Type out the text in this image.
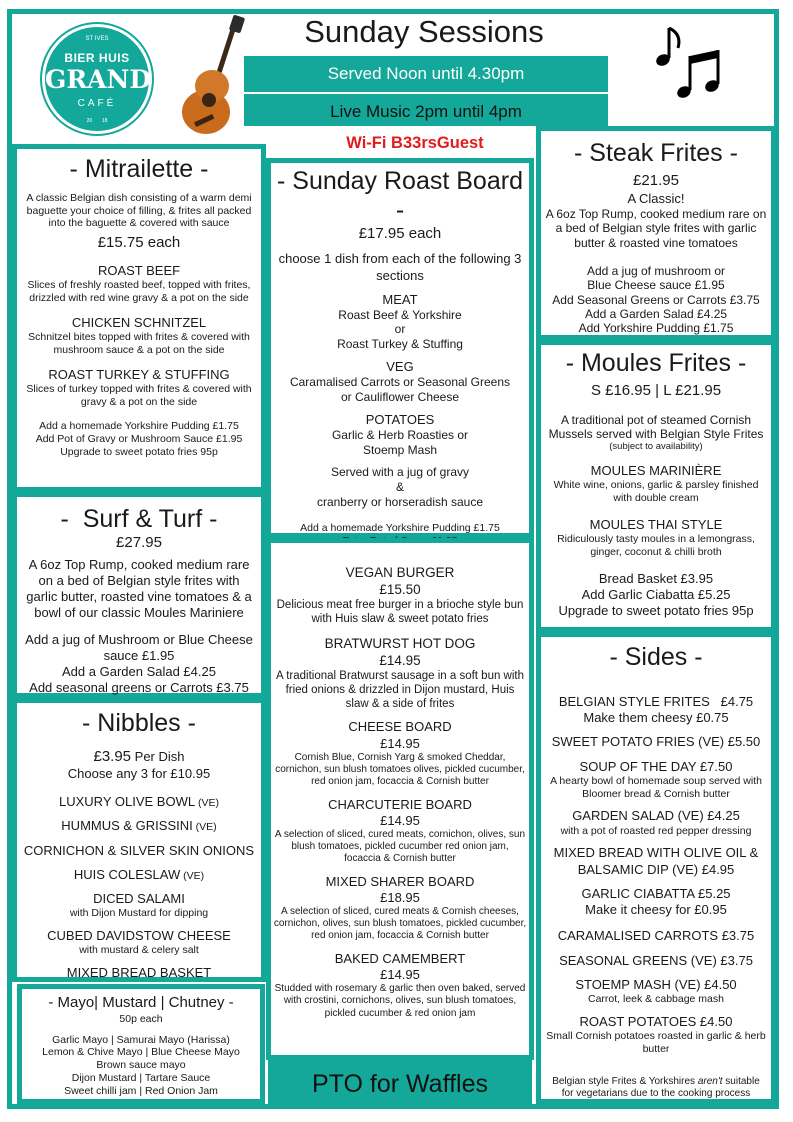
ST IVES
BIER HUIS
GRAND
CAFÉ
20 18
Sunday Sessions
Served Noon until 4.30pm
Live Music 2pm until 4pm
Wi-Fi B33rsGuest
- Mitrailette -
A classic Belgian dish consisting of a warm demi baguette your choice of filling, & frites all packed into the baguette & covered with sauce
£15.75 each
ROAST BEEF
Slices of freshly roasted beef, topped with frites, drizzled with red wine gravy & a pot on the side
CHICKEN SCHNITZEL
Schnitzel bites topped with frites & covered with mushroom sauce & a pot on the side
ROAST TURKEY & STUFFING
Slices of turkey topped with frites & covered with gravy & a pot on the side
Add a homemade Yorkshire Pudding £1.75
Add Pot of Gravy or Mushroom Sauce £1.95
Upgrade to sweet potato fries 95p
-  Surf & Turf -
£27.95
A 6oz Top Rump, cooked medium rare on a bed of Belgian style frites with garlic butter, roasted vine tomatoes & a bowl of our classic Moules Mariniere
Add a jug of Mushroom or Blue Cheese sauce £1.95
Add a Garden Salad £4.25
Add seasonal greens or Carrots £3.75
- Nibbles -
£3.95 Per Dish
Choose any 3 for £10.95
LUXURY OLIVE BOWL (VE)
HUMMUS & GRISSINI (VE)
CORNICHON & SILVER SKIN ONIONS
HUIS COLESLAW (VE)
DICED SALAMI
with Dijon Mustard for dipping
CUBED DAVIDSTOW CHEESE
with mustard & celery salt
MIXED BREAD BASKET
- Mayo| Mustard | Chutney -
50p each
Garlic Mayo | Samurai Mayo (Harissa)
Lemon & Chive Mayo | Blue Cheese Mayo
Brown sauce mayo
Dijon Mustard | Tartare Sauce
Sweet chilli jam | Red Onion Jam
- Sunday Roast Board -
£17.95 each
choose 1 dish from each of the following 3 sections
MEAT
Roast Beef & Yorkshire
or
Roast Turkey & Stuffing
VEG
Caramalised Carrots or Seasonal Greens
or Cauliflower Cheese
POTATOES
Garlic & Herb Roasties or
Stoemp Mash
Served with a jug of gravy
&
cranberry or horseradish sauce
Add a homemade Yorkshire Pudding £1.75
VEGAN BURGER
£15.50
Delicious meat free burger in a brioche style bun with Huis slaw & sweet potato fries
BRATWURST HOT DOG
£14.95
A traditional Bratwurst sausage in a soft bun with fried onions & drizzled in Dijon mustard, Huis slaw & a side of frites
CHEESE BOARD
£14.95
Cornish Blue, Cornish Yarg & smoked Cheddar, cornichon, sun blush tomatoes olives, pickled cucumber, red onion jam, focaccia & Cornish butter
CHARCUTERIE BOARD
£14.95
A selection of sliced, cured meats, cornichon, olives, sun blush tomatoes, pickled cucumber red onion jam, focaccia & Cornish butter
MIXED SHARER BOARD
£18.95
A selection of sliced, cured meats & Cornish cheeses, cornichon, olives, sun blush tomatoes, pickled cucumber, red onion jam, focaccia & Cornish butter
BAKED CAMEMBERT
£14.95
Studded with rosemary & garlic then oven baked, served with crostini, cornichons, olives, sun blush tomatoes, pickled cucumber & red onion jam
PTO for Waffles
- Steak Frites -
£21.95
A Classic!
A 6oz Top Rump, cooked medium rare on a bed of Belgian style frites with garlic butter & roasted vine tomatoes
Add a jug of mushroom or
Blue Cheese sauce £1.95
Add Seasonal Greens or Carrots £3.75
Add a Garden Salad £4.25
Add Yorkshire Pudding £1.75
- Moules Frites -
S £16.95 | L £21.95
A traditional pot of steamed Cornish Mussels served with Belgian Style Frites
(subject to availability)
MOULES MARINIÈRE
White wine, onions, garlic & parsley finished with double cream
MOULES THAI STYLE
Ridiculously tasty moules in a lemongrass, ginger, coconut & chilli broth
Bread Basket £3.95
Add Garlic Ciabatta £5.25
Upgrade to sweet potato fries 95p
- Sides -
BELGIAN STYLE FRITES   £4.75
Make them cheesy £0.75
SWEET POTATO FRIES (VE) £5.50
SOUP OF THE DAY £7.50
A hearty bowl of homemade soup served with Bloomer bread & Cornish butter
GARDEN SALAD (VE) £4.25
with a pot of roasted red pepper dressing
MIXED BREAD WITH OLIVE OIL & BALSAMIC DIP (VE) £4.95
GARLIC CIABATTA £5.25
Make it cheesy for £0.95
CARAMALISED CARROTS £3.75
SEASONAL GREENS (VE) £3.75
STOEMP MASH (VE) £4.50
Carrot, leek & cabbage mash
ROAST POTATOES £4.50
Small Cornish potatoes roasted in garlic & herb butter
Belgian style Frites & Yorkshires aren't suitable for vegetarians due to the cooking process
